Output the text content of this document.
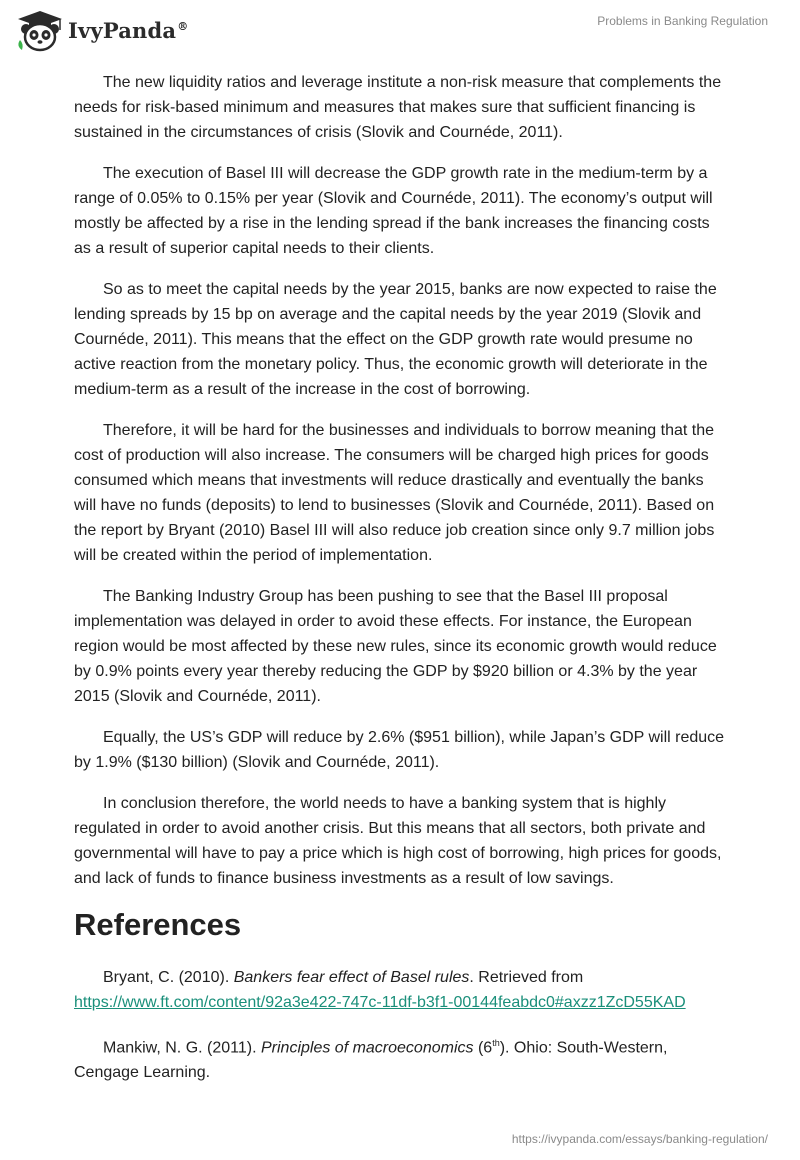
IvyPanda®	Problems in Banking Regulation

The new liquidity ratios and leverage institute a non-risk measure that complements the needs for risk-based minimum and measures that makes sure that sufficient financing is sustained in the circumstances of crisis (Slovik and Cournéde, 2011).

The execution of Basel III will decrease the GDP growth rate in the medium-term by a range of 0.05% to 0.15% per year (Slovik and Cournéde, 2011). The economy’s output will mostly be affected by a rise in the lending spread if the bank increases the financing costs as a result of superior capital needs to their clients.

So as to meet the capital needs by the year 2015, banks are now expected to raise the lending spreads by 15 bp on average and the capital needs by the year 2019 (Slovik and Cournéde, 2011). This means that the effect on the GDP growth rate would presume no active reaction from the monetary policy. Thus, the economic growth will deteriorate in the medium-term as a result of the increase in the cost of borrowing.

Therefore, it will be hard for the businesses and individuals to borrow meaning that the cost of production will also increase. The consumers will be charged high prices for goods consumed which means that investments will reduce drastically and eventually the banks will have no funds (deposits) to lend to businesses (Slovik and Cournéde, 2011). Based on the report by Bryant (2010) Basel III will also reduce job creation since only 9.7 million jobs will be created within the period of implementation.

The Banking Industry Group has been pushing to see that the Basel III proposal implementation was delayed in order to avoid these effects. For instance, the European region would be most affected by these new rules, since its economic growth would reduce by 0.9% points every year thereby reducing the GDP by $920 billion or 4.3% by the year 2015 (Slovik and Cournéde, 2011).

Equally, the US’s GDP will reduce by 2.6% ($951 billion), while Japan’s GDP will reduce by 1.9% ($130 billion) (Slovik and Cournéde, 2011).

In conclusion therefore, the world needs to have a banking system that is highly regulated in order to avoid another crisis. But this means that all sectors, both private and governmental will have to pay a price which is high cost of borrowing, high prices for goods, and lack of funds to finance business investments as a result of low savings.

References

Bryant, C. (2010). Bankers fear effect of Basel rules. Retrieved from https://www.ft.com/content/92a3e422-747c-11df-b3f1-00144feabdc0#axzz1ZcD55KAD

Mankiw, N. G. (2011). Principles of macroeconomics (6th). Ohio: South-Western, Cengage Learning.

https://ivypanda.com/essays/banking-regulation/
